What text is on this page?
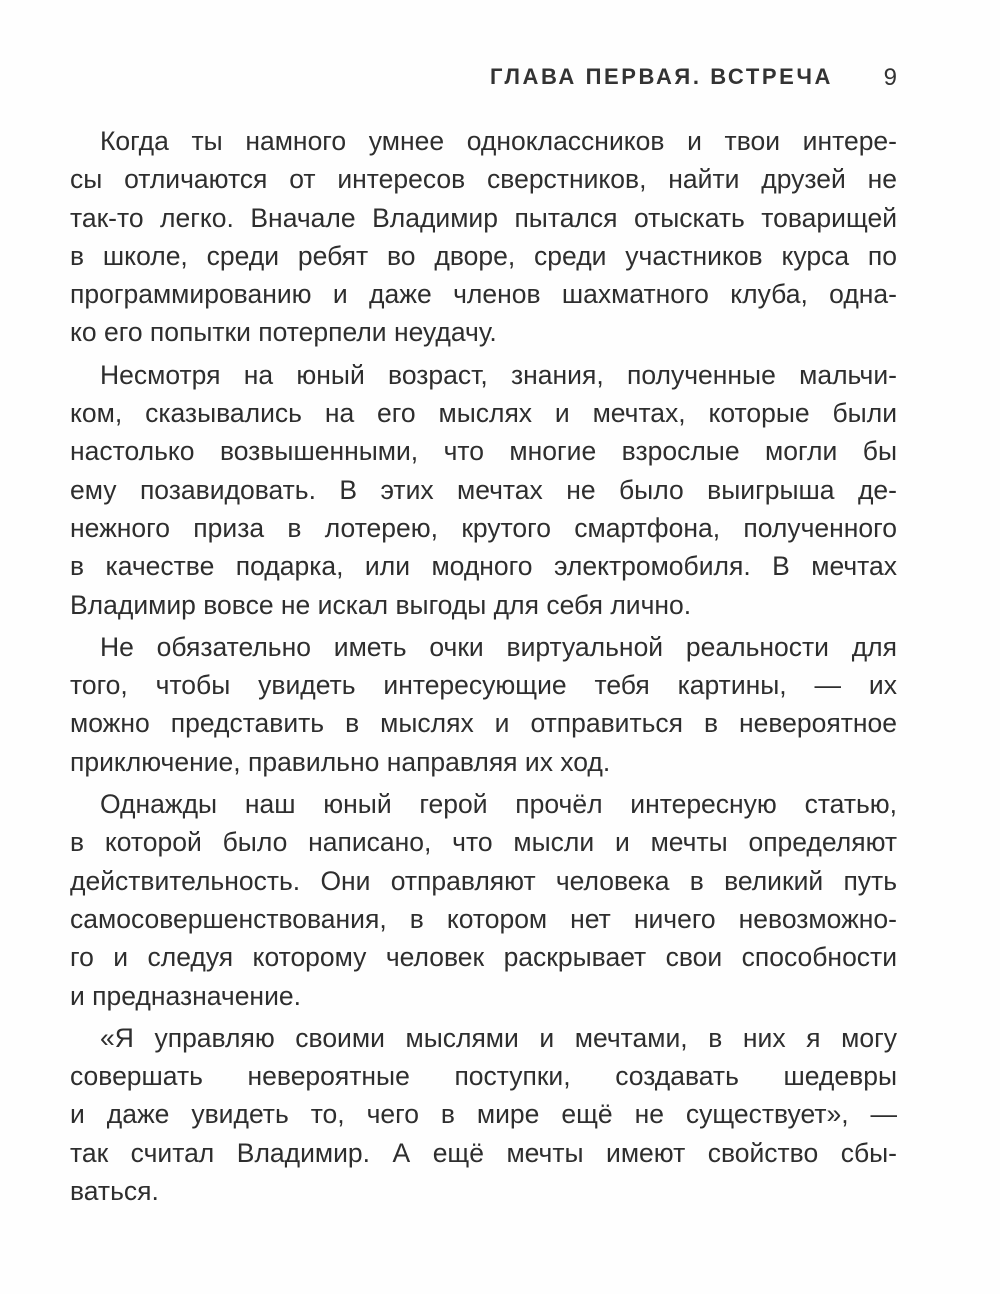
ГЛАВА ПЕРВАЯ. ВСТРЕЧА 9
Когда ты намного умнее одноклассников и твои интере-
сы отличаются от интересов сверстников, найти друзей не
так-то легко. Вначале Владимир пытался отыскать товарищей
в школе, среди ребят во дворе, среди участников курса по
программированию и даже членов шахматного клуба, одна-
ко его попытки потерпели неудачу.
Несмотря на юный возраст, знания, полученные мальчи-
ком, сказывались на его мыслях и мечтах, которые были
настолько возвышенными, что многие взрослые могли бы
ему позавидовать. В этих мечтах не было выигрыша де-
нежного приза в лотерею, крутого смартфона, полученного
в качестве подарка, или модного электромобиля. В мечтах
Владимир вовсе не искал выгоды для себя лично.
Не обязательно иметь очки виртуальной реальности для
того, чтобы увидеть интересующие тебя картины, — их
можно представить в мыслях и отправиться в невероятное
приключение, правильно направляя их ход.
Однажды наш юный герой прочёл интересную статью,
в которой было написано, что мысли и мечты определяют
действительность. Они отправляют человека в великий путь
самосовершенствования, в котором нет ничего невозможно-
го и следуя которому человек раскрывает свои способности
и предназначение.
«Я управляю своими мыслями и мечтами, в них я могу
совершать невероятные поступки, создавать шедевры
и даже увидеть то, чего в мире ещё не существует», —
так считал Владимир. А ещё мечты имеют свойство сбы-
ваться.
